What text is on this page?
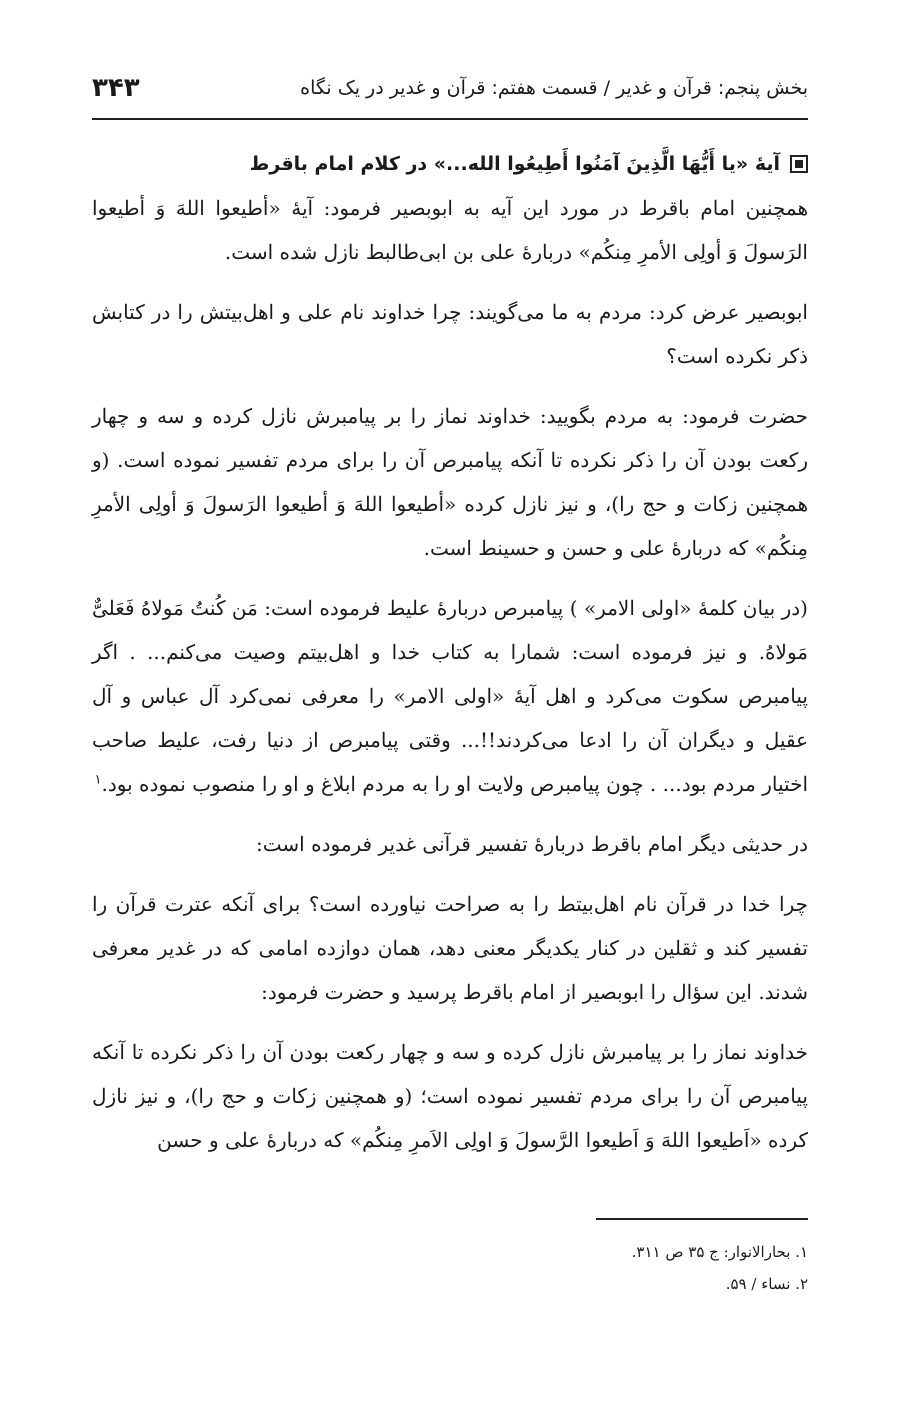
بخش پنجم: قرآن و غدیر / قسمت هفتم: قرآن و غدیر در یک نگاه
۳۴۳
آیۀ «یا أَیُّهَا الَّذِینَ آمَنُوا أَطِیعُوا الله...» در کلام امام باقرط

همچنین امام باقرط در مورد این آیه به ابوبصیر فرمود: آیۀ «أطیعوا اللهَ وَ أطیعوا الرَسولَ وَ أولِی الأمرِ مِنکُم» دربارۀ علی بن ابی‌طالبط نازل شده است.

ابوبصیر عرض کرد: مردم به ما می‌گویند: چرا خداوند نام علی و اهل‌بیتش را در کتابش ذکر نکرده است؟

حضرت فرمود: به مردم بگویید: خداوند نماز را بر پیامبرش نازل کرده و سه و چهار رکعت بودن آن را ذکر نکرده تا آنکه پیامبرص آن را برای مردم تفسیر نموده است. (و همچنین زکات و حج را)، و نیز نازل کرده «أطیعوا اللهَ وَ أطیعوا الرَسولَ وَ أولِی الأمرِ مِنکُم» که دربارۀ علی و حسن و حسینط است.

(در بیان کلمۀ «اولی الامر» ) پیامبرص دربارۀ علیط فرموده است: مَن کُنتُ مَولاهُ فَعَلیٌّ مَولاهُ. و نیز فرموده است: شمارا به کتاب خدا و اهل‌بیتم وصیت می‌کنم... . اگر پیامبرص سکوت می‌کرد و اهل آیۀ «اولی الامر» را معرفی نمی‌کرد آل عباس و آل عقیل و دیگران آن را ادعا می‌کردند!!... وقتی پیامبرص از دنیا رفت، علیط صاحب اختیار مردم بود... . چون پیامبرص ولایت او را به مردم ابلاغ و او را منصوب نموده بود.$^۱$

در حدیثی دیگر امام باقرط دربارۀ تفسیر قرآنی غدیر فرموده است:

چرا خدا در قرآن نام اهل‌بیتط را به صراحت نیاورده است؟ برای آنکه عترت قرآن را تفسیر کند و ثقلین در کنار یکدیگر معنی دهد، همان دوازده امامی که در غدیر معرفی شدند. این سؤال را ابوبصیر از امام باقرط پرسید و حضرت فرمود:

خداوند نماز را بر پیامبرش نازل کرده و سه و چهار رکعت بودن آن را ذکر نکرده تا آنکه پیامبرص آن را برای مردم تفسیر نموده است؛ (و همچنین زکات و حج را)، و نیز نازل کرده «اَطیعوا اللهَ وَ اَطیعوا الرَّسولَ وَ اولِی الاَمرِ مِنکُم» که دربارۀ علی و حسن

۱. بحارالانوار: ج ۳۵ ص ۳۱۱.

۲. نساء / ۵۹.
